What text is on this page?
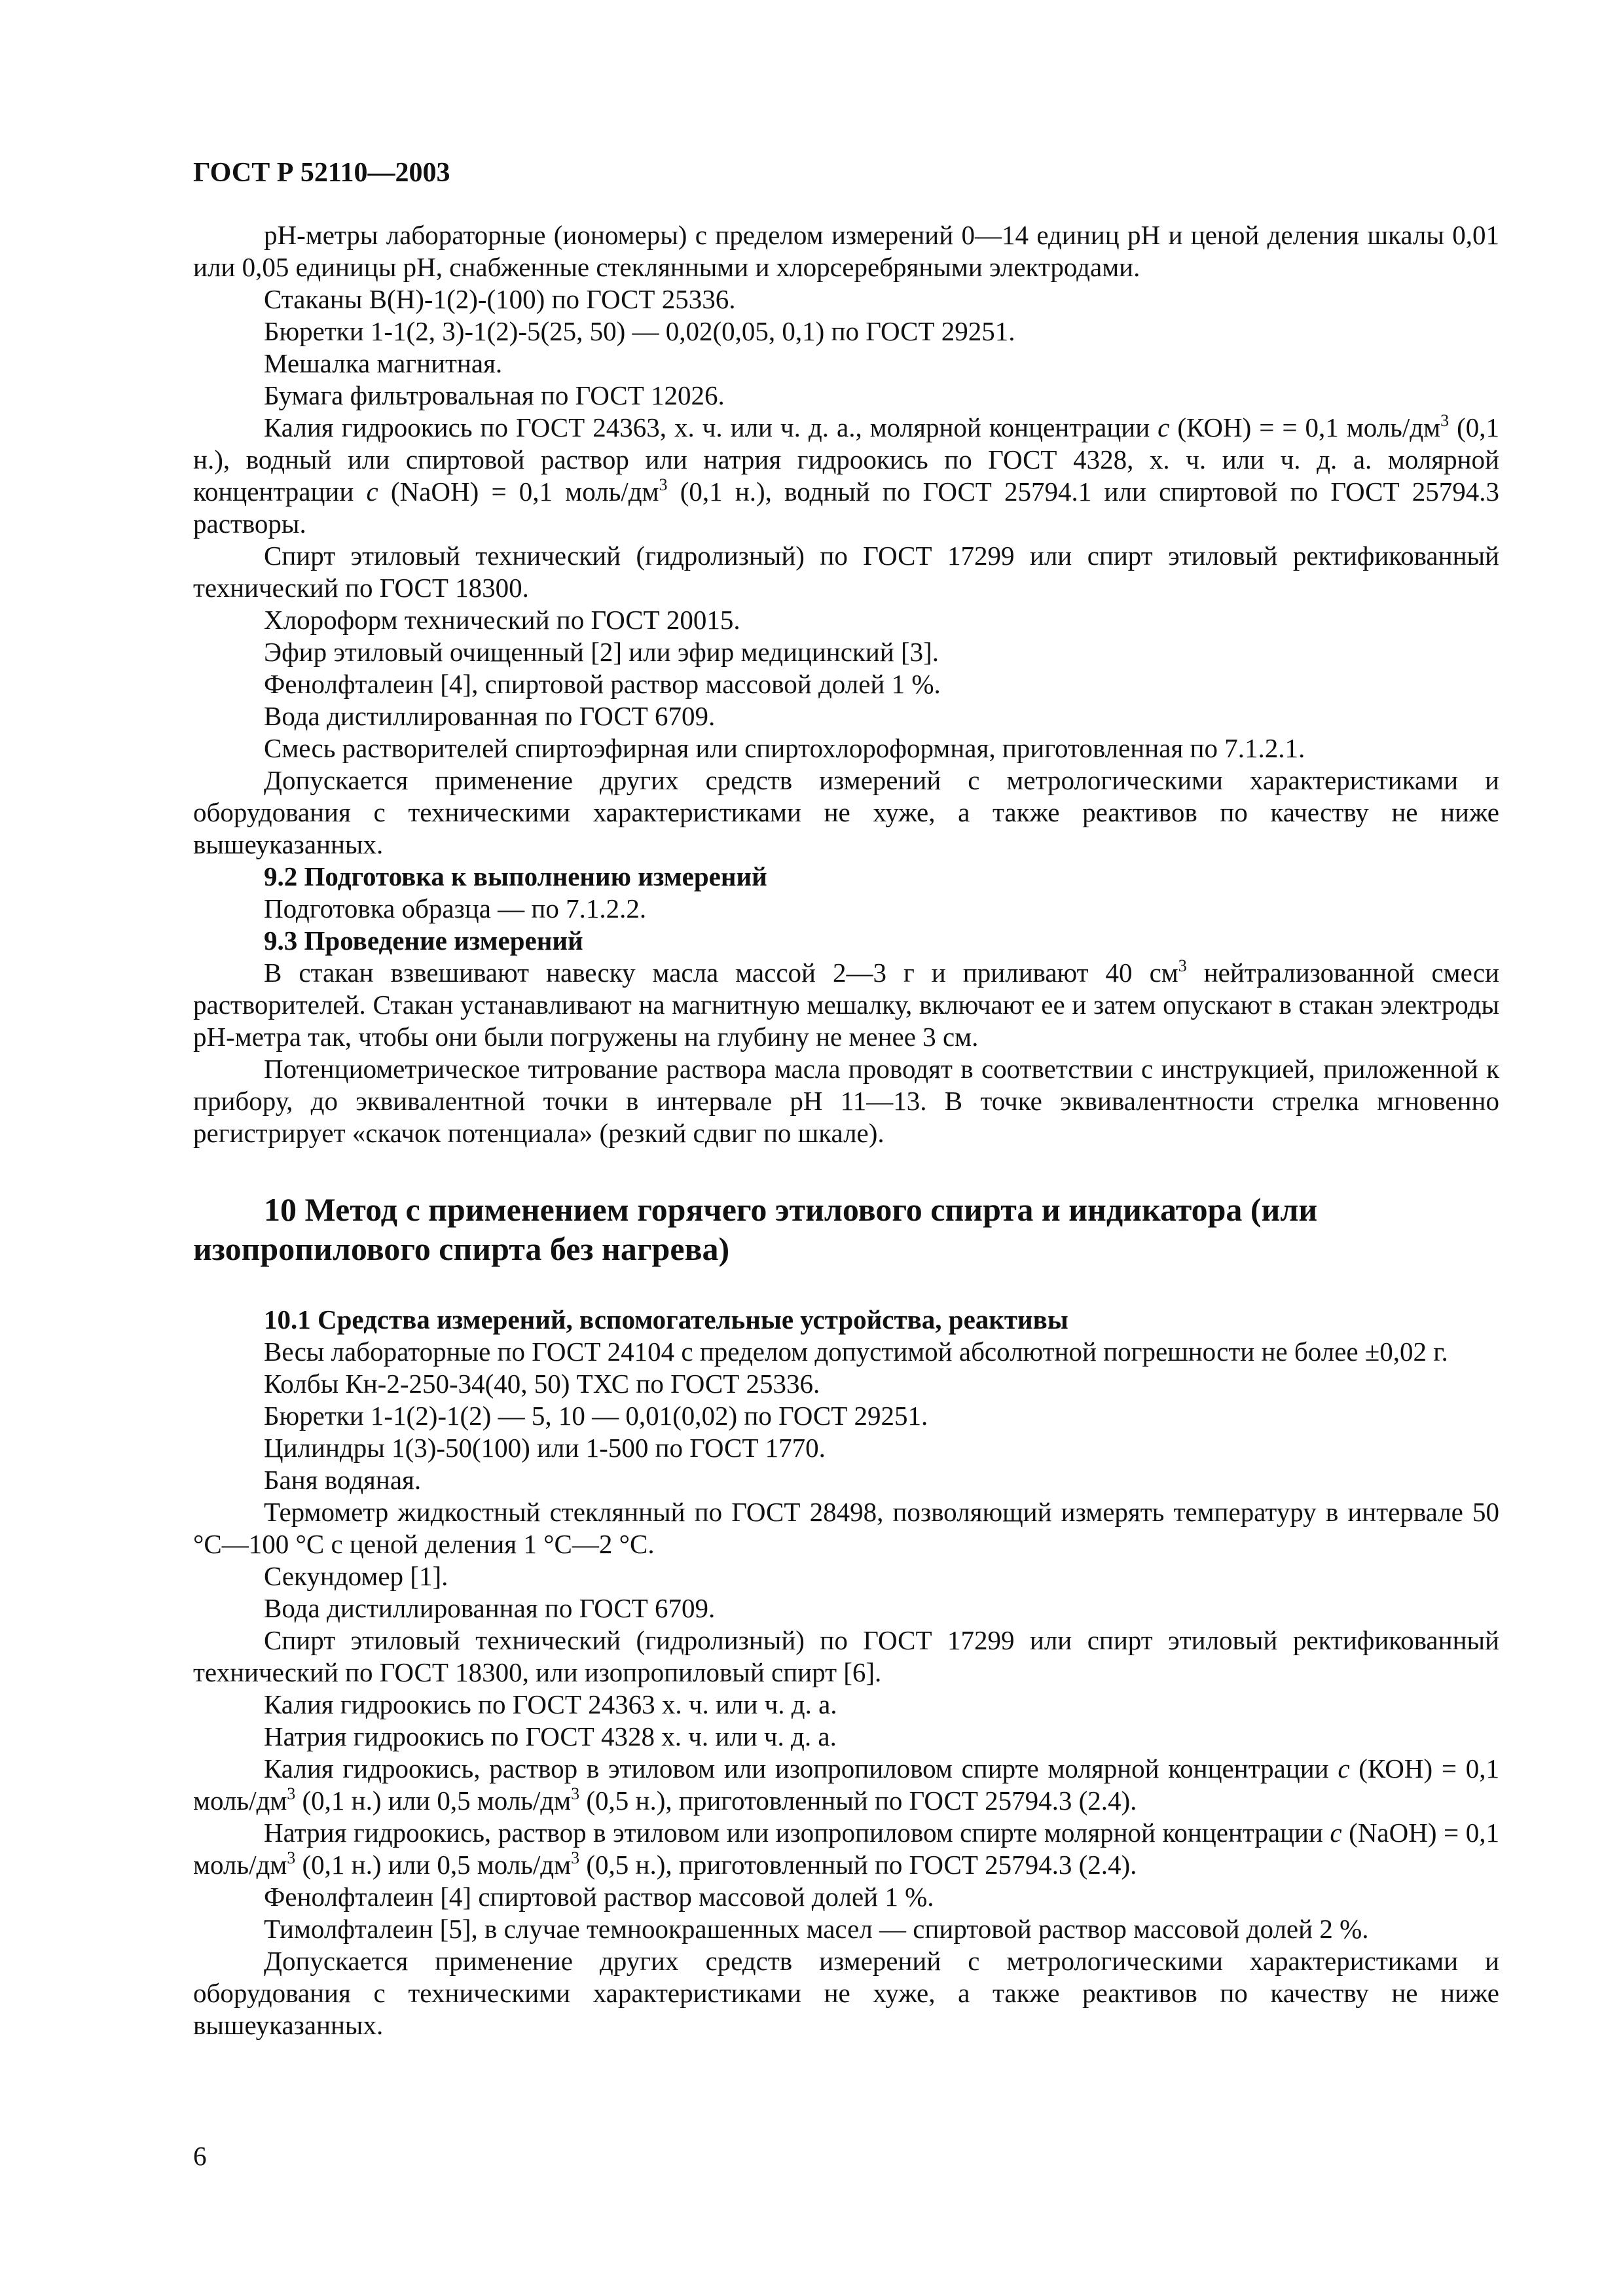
ГОСТ Р 52110—2003

рН-метры лабораторные (иономеры) с пределом измерений 0—14 единиц рН и ценой деления шкалы 0,01 или 0,05 единицы рН, снабженные стеклянными и хлорсеребряными электродами.

Стаканы В(Н)-1(2)-(100) по ГОСТ 25336.

Бюретки 1-1(2, 3)-1(2)-5(25, 50) — 0,02(0,05, 0,1) по ГОСТ 29251.

Мешалка магнитная.

Бумага фильтровальная по ГОСТ 12026.

Калия гидроокись по ГОСТ 24363, х. ч. или ч. д. а., молярной концентрации c (КОН) = = 0,1 моль/$дм^3$ (0,1 н.), водный или спиртовой раствор или натрия гидроокись по ГОСТ 4328, х. ч. или ч. д. а. молярной концентрации c (NaOH) = 0,1 моль/$дм^3$ (0,1 н.), водный по ГОСТ 25794.1 или спиртовой по ГОСТ 25794.3 растворы.

Спирт этиловый технический (гидролизный) по ГОСТ 17299 или спирт этиловый ректификованный технический по ГОСТ 18300.

Хлороформ технический по ГОСТ 20015.

Эфир этиловый очищенный [2] или эфир медицинский [3].

Фенолфталеин [4], спиртовой раствор массовой долей 1 %.

Вода дистиллированная по ГОСТ 6709.

Смесь растворителей спиртоэфирная или спиртохлороформная, приготовленная по 7.1.2.1.

Допускается применение других средств измерений с метрологическими характеристиками и оборудования с техническими характеристиками не хуже, а также реактивов по качеству не ниже вышеуказанных.

9.2 Подготовка к выполнению измерений

Подготовка образца — по 7.1.2.2.

9.3 Проведение измерений

В стакан взвешивают навеску масла массой 2—3 г и приливают 40 $см^3$ нейтрализованной смеси растворителей. Стакан устанавливают на магнитную мешалку, включают ее и затем опускают в стакан электроды рН-метра так, чтобы они были погружены на глубину не менее 3 см.

Потенциометрическое титрование раствора масла проводят в соответствии с инструкцией, приложенной к прибору, до эквивалентной точки в интервале рН 11—13. В точке эквивалентности стрелка мгновенно регистрирует «скачок потенциала» (резкий сдвиг по шкале).

10 Метод с применением горячего этилового спирта и индикатора (или изопропилового спирта без нагрева)

10.1 Средства измерений, вспомогательные устройства, реактивы

Весы лабораторные по ГОСТ 24104 с пределом допустимой абсолютной погрешности не более ±0,02 г.

Колбы Кн-2-250-34(40, 50) ТХС по ГОСТ 25336.

Бюретки 1-1(2)-1(2) — 5, 10 — 0,01(0,02) по ГОСТ 29251.

Цилиндры 1(3)-50(100) или 1-500 по ГОСТ 1770.

Баня водяная.

Термометр жидкостный стеклянный по ГОСТ 28498, позволяющий измерять температуру в интервале 50 °С—100 °С с ценой деления 1 °С—2 °С.

Секундомер [1].

Вода дистиллированная по ГОСТ 6709.

Спирт этиловый технический (гидролизный) по ГОСТ 17299 или спирт этиловый ректификованный технический по ГОСТ 18300, или изопропиловый спирт [6].

Калия гидроокись по ГОСТ 24363 х. ч. или ч. д. а.

Натрия гидроокись по ГОСТ 4328 х. ч. или ч. д. а.

Калия гидроокись, раствор в этиловом или изопропиловом спирте молярной концентрации c (КОН) = 0,1 моль/$дм^3$ (0,1 н.) или 0,5 моль/$дм^3$ (0,5 н.), приготовленный по ГОСТ 25794.3 (2.4).

Натрия гидроокись, раствор в этиловом или изопропиловом спирте молярной концентрации c (NaOH) = 0,1 моль/$дм^3$ (0,1 н.) или 0,5 моль/$дм^3$ (0,5 н.), приготовленный по ГОСТ 25794.3 (2.4).

Фенолфталеин [4] спиртовой раствор массовой долей 1 %.

Тимолфталеин [5], в случае темноокрашенных масел — спиртовой раствор массовой долей 2 %.

Допускается применение других средств измерений с метрологическими характеристиками и оборудования с техническими характеристиками не хуже, а также реактивов по качеству не ниже вышеуказанных.

6
